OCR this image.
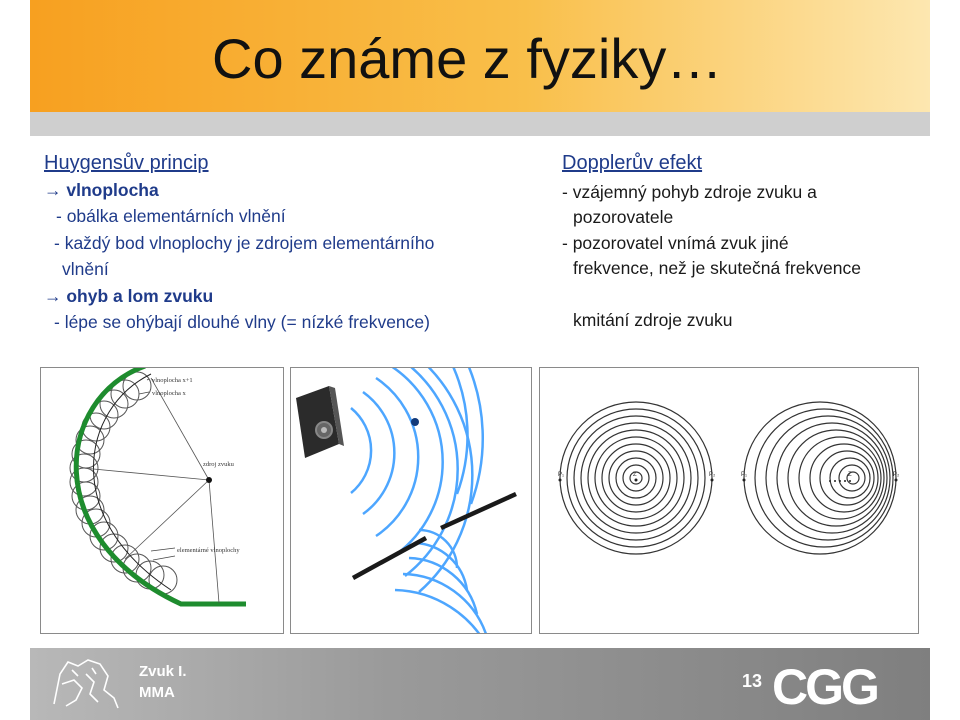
Co známe z fyziky…
Huygensův princip
→ vlnoplocha
- obálka elementárních vlnění
- každý bod vlnoplochy je zdrojem elementárního
vlnění
→ ohyb a lom zvuku
- lépe se ohýbají dlouhé vlny (= nízké frekvence)
Dopplerův efekt
- vzájemný pohyb zdroje zvuku a
pozorovatele
- pozorovatel vnímá zvuk jiné
frekvence, než je skutečná frekvence
kmitání zdroje zvuku
vlnoplocha x+1
vlnoplocha x
zdroj zvuku
elementárné vlnoplochy
P₁	Z	P₂	P₁	Z	P₂
Zvuk I.
MMA
13 CGG
